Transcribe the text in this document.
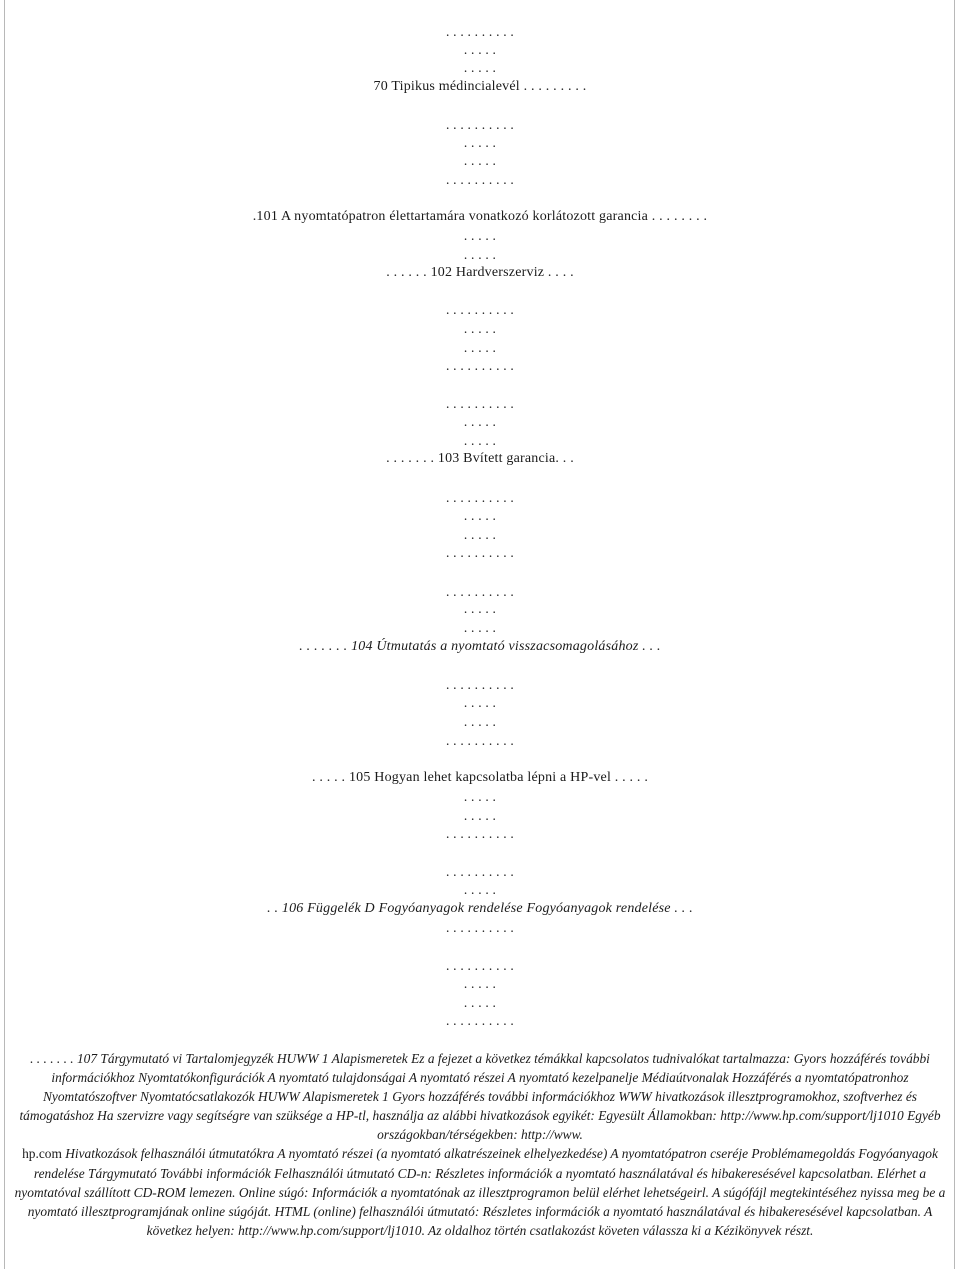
. . . . . . . . . .
. . . . .
. . . . .
70 Tipikus médincialevél . . . . . . . . .
. . . . . . . . . .
. . . . .
. . . . .
. . . . . . . . . .
.101 A nyomtatópatron élettartamára vonatkozó korlátozott garancia . . . . . . . .
. . . . .
. . . . .
. . . . . . 102 Hardverszerviz . . . .
. . . . . . . . . .
. . . . .
. . . . .
. . . . . . . . . .
. . . . . . . . . .
. . . . .
. . . . .
. . . . . . . 103 Bvített garancia. . .
. . . . . . . . . .
. . . . .
. . . . .
. . . . . . . . . .
. . . . . . . . . .
. . . . .
. . . . .
. . . . . . . 104 Útmutatás a nyomtató visszacsomagolásához . . .
. . . . . . . . . .
. . . . .
. . . . .
. . . . . . . . . .
. . . . . 105 Hogyan lehet kapcsolatba lépni a HP-vel . . . . .
. . . . .
. . . . .
. . . . . . . . . .
. . . . . . . . . .
. . . . .
. . 106 Függelék D Fogyóanyagok rendelése Fogyóanyagok rendelése . . .
. . . . . . . . . .
. . . . . . . . . .
. . . . .
. . . . .
. . . . . . . . . .
. . . . . . . 107 Tárgymutató vi Tartalomjegyzék HUWW 1 Alapismeretek Ez a fejezet a következ témákkal kapcsolatos tudnivalókat tartalmazza: Gyors hozzáférés további információkhoz Nyomtatókonfigurációk A nyomtató tulajdonságai A nyomtató részei A nyomtató kezelpanelje Médiaútvonalak Hozzáférés a nyomtatópatronhoz Nyomtatószoftver Nyomtatócsatlakozók HUWW Alapismeretek 1 Gyors hozzáférés további információkhoz WWW hivatkozások illesztprogramokhoz, szoftverhez és támogatáshoz Ha szervizre vagy segítségre van szüksége a HP-tl, használja az alábbi hivatkozások egyikét: Egyesült Államokban: http://www.hp.com/support/lj1010 Egyéb országokban/térségekben: http://www.
hp.com Hivatkozások felhasználói útmutatókra A nyomtató részei (a nyomtató alkatrészeinek elhelyezkedése) A nyomtatópatron cseréje Problémamegoldás Fogyóanyagok rendelése Tárgymutató További információk Felhasználói útmutató CD-n: Részletes információk a nyomtató használatával és hibakeresésével kapcsolatban. Elérhet a nyomtatóval szállított CD-ROM lemezen. Online súgó: Információk a nyomtatónak az illesztprogramon belül elérhet lehetségeirl. A súgófájl megtekintéséhez nyissa meg be a nyomtató illesztprogramjának online súgóját. HTML (online) felhasználói útmutató: Részletes információk a nyomtató használatával és hibakeresésével kapcsolatban. A következ helyen: http://www.hp.com/support/lj1010. Az oldalhoz történ csatlakozást követen válassza ki a Kézikönyvek részt.
